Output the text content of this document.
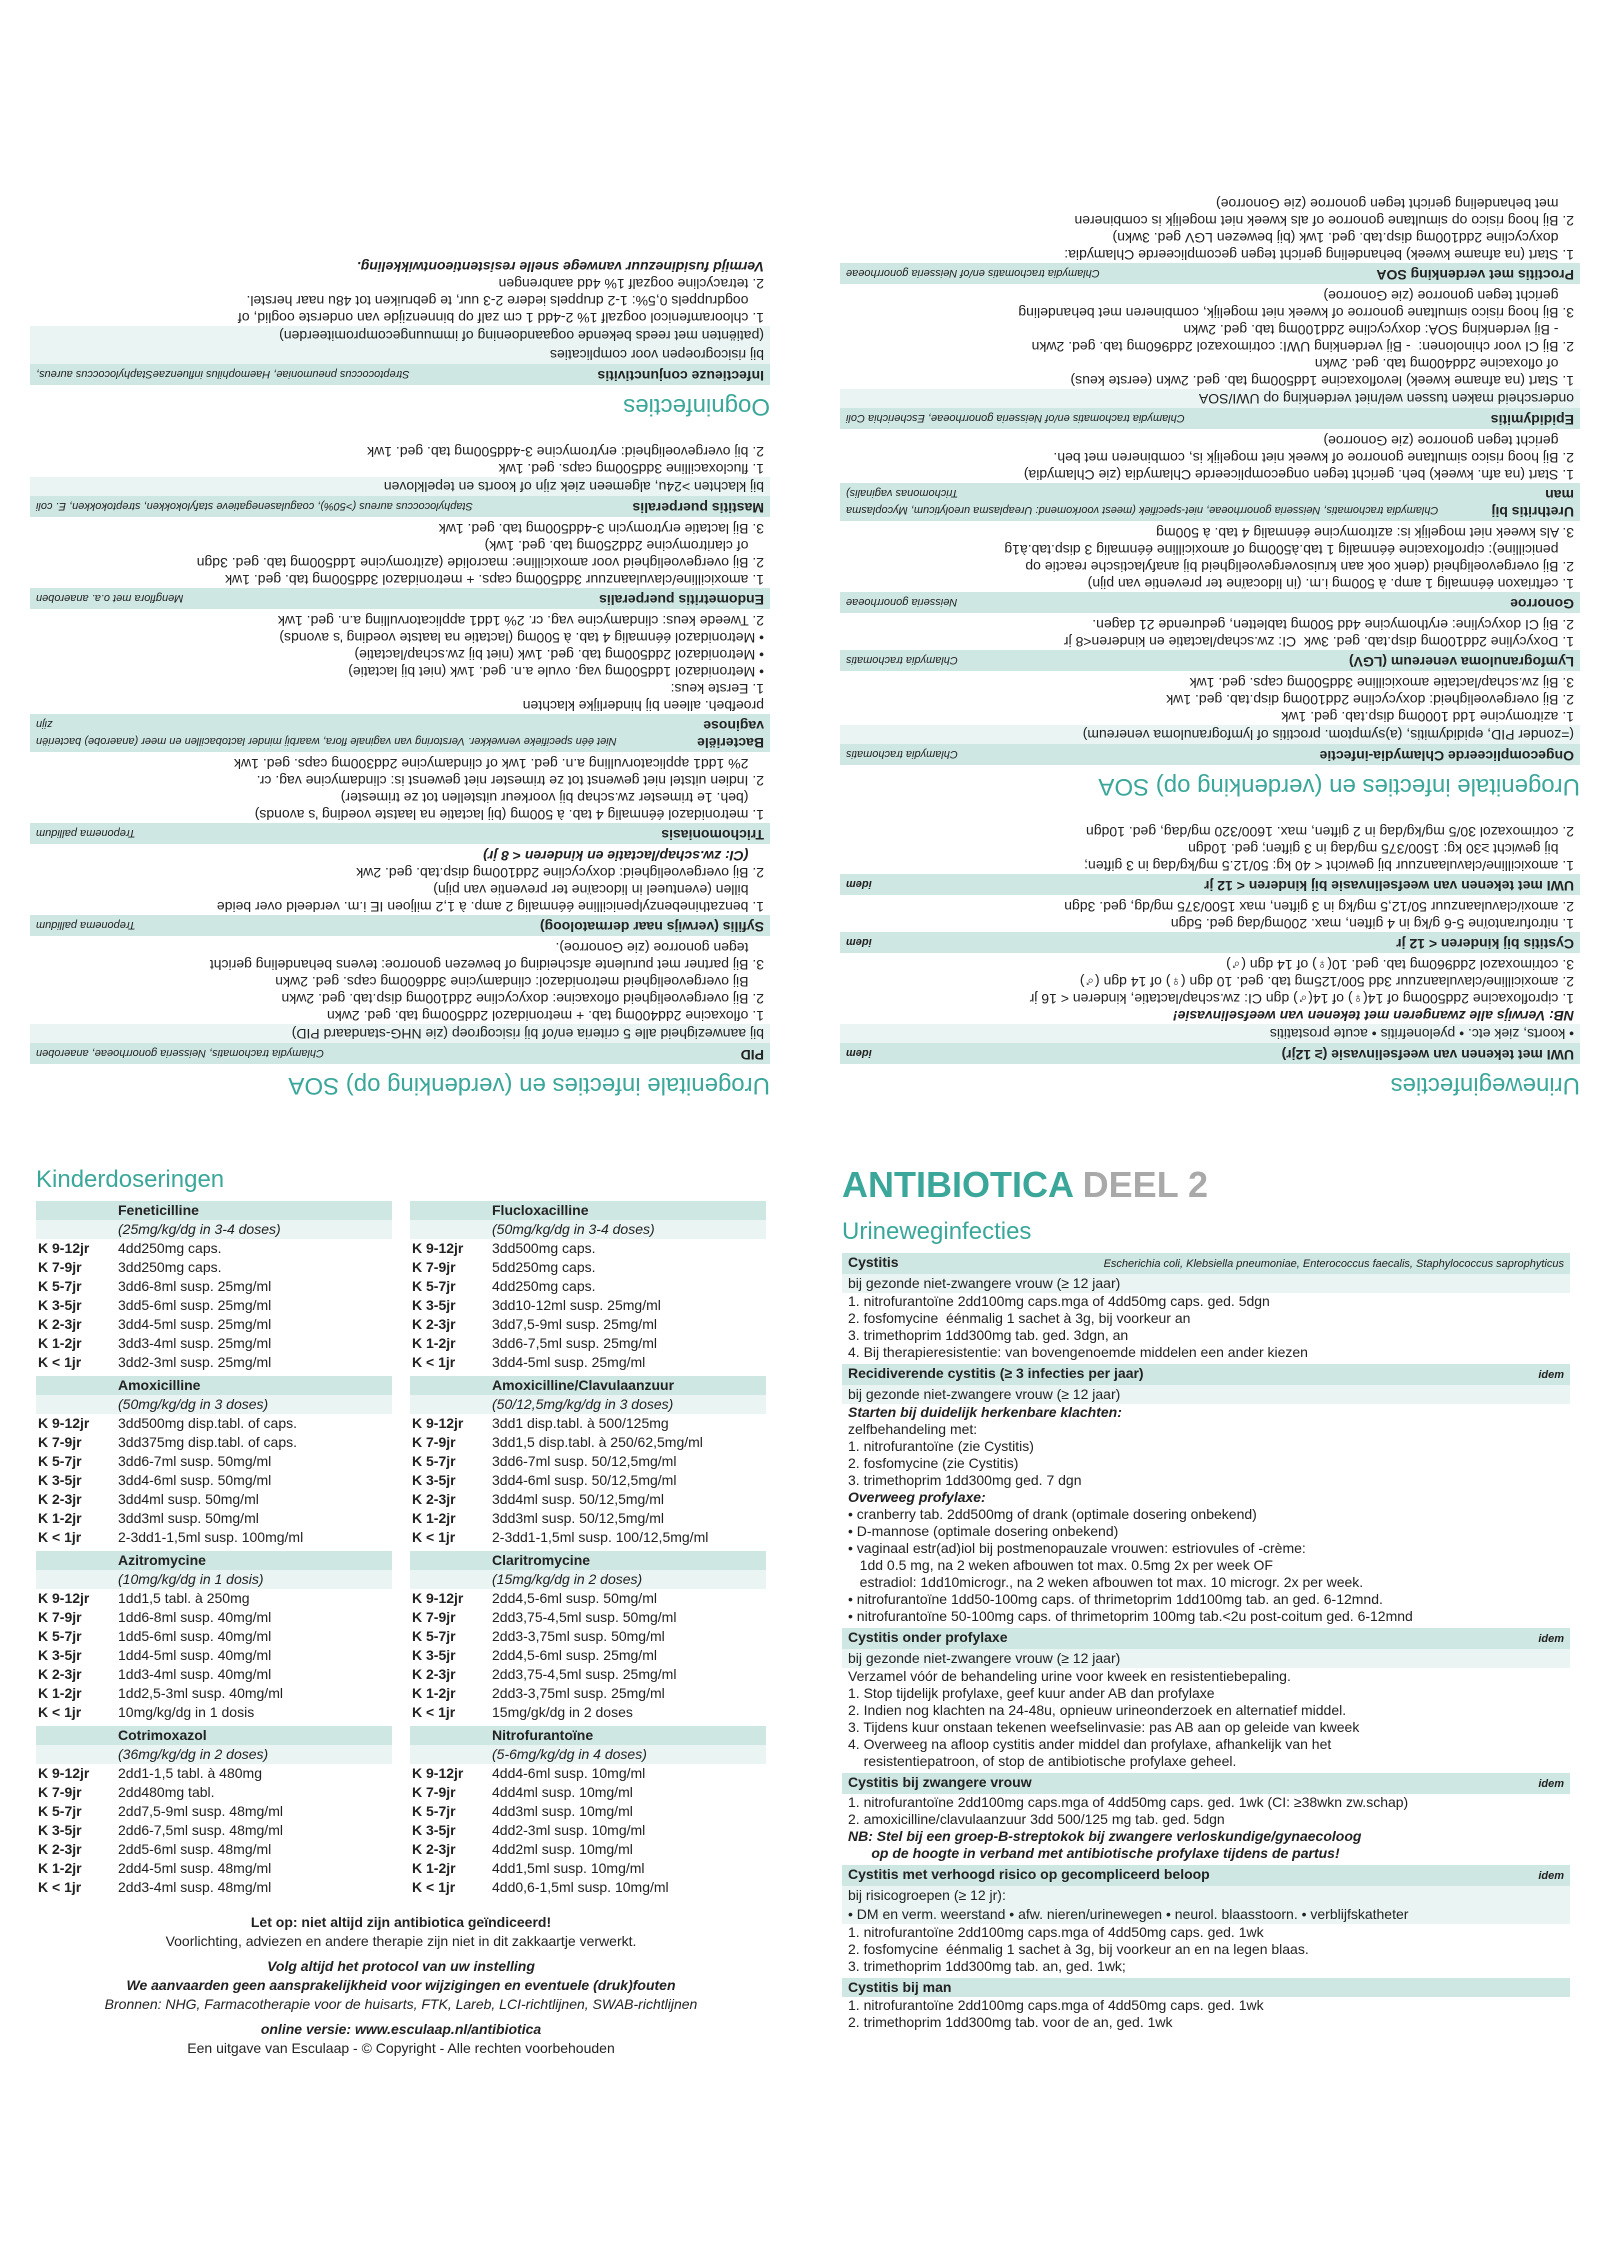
Urogenitale infecties en (verdenking op) SOA
PID
Chlamydia trachomatis, Neisseria gonorrhoeae, anaeroben
bij aanwezigheid alle 5 criteria en/of bij risicogroep (zie NHG-standaard PID)
1. ofloxacine 2dd400mg tab. + metronidazol 2dd500mg tab. ged. 2wkn
2. Bij overgevoeligheid ofloxacine: doxycycline 2dd100mg disp.tab. ged. 2wkn
Bij overgevoeligheid metronidazol: clindamycine 3dd600mg caps. ged. 2wkn
3. Bij partner met purulente afscheiding of bewezen gonorroe: tevens behandeling gericht
tegen gonorroe (zie Gonorroe).
Syfilis (verwijs naar dermatoloog)
Treponema pallidum
1. benzathinebenzylpenicilline éénmalig 2 amp. à 1,2 miljoen IE i.m. verdeeld over beide
billen (eventueel in lidocaïne ter preventie van pijn)
2. Bij overgevoeligheid: doxycycline 2dd100mg disp.tab. ged. 2wk
(CI: zw.schap/lactatie en kinderen < 8 jr)
Trichomoniasis
Treponema pallidum
1. metronidazol éénmalig 4 tab. à 500mg (bij lactatie na laatste voeding 's avonds)
(beh. 1e trimester zw.schap bij voorkeur uitstellen tot ze trimester)
2. Indien uitstel niet gewenst tot ze trimester niet gewenst is: clindamycine vag. cr.
2% 1dd1 applicatorvulling a.n. ged. 1wk of clindamycine 2dd300mg caps. ged. 1wk
Bacteriële vaginose
Niet één specifieke verwekker. Verstoring van vaginale flora, waarbij minder lactobacillen en meer (anaerobe) bacteriën zijn
proefbeh. alleen bij hinderlijke klachten
1. Eerste keus:
• Metronidazol 1dd500mg vag. ovule a.n. ged. 1wk (niet bij lactatie)
• Metronidazol 2dd500mg tab. ged. 1wk (niet bij zw.schap/lactatie)
• Metronidazol éénmalig 4 tab. à 500mg (lactatie na laatste voeding 's avonds)
2. Tweede keus: clindamycine vag. cr. 2% 1dd1 applicatorvulling a.n. ged. 1wk
Endometritis puerperalis
Mengflora met o.a. anaeroben
1. amoxicilline/clavulaanzuur 3dd500mg caps. + metronidazol 3dd500mg tab. ged. 1wk
2. Bij overgevoeligheid voor amoxicilline: macrolide (azitromycine 1dd500mg tab. ged. 3dgn
of claritromycine 2dd250mg tab. ged. 1wk)
3. Bij lactatie erytromycin 3-4dd500mg tab. ged. 1wk
Mastitis puerperalis
Staphylococcus aureus (>50%), coagulasenegatieve stafylokokken, streptokokken, E. coli
bij klachten >24u, algemeen ziek zijn of koorts en tepelkloven
1. flucloxacilline 3dd500mg caps. ged. 1wk
2. bij overgevoeligheid: erytromycine 3-4dd500mg tab. ged. 1wk
Oogninfecties
Infectieuze conjunctivitis
Streptococcus pneumoniae, Haemophilus influenzaeStaphylococcus aureus,
bij risicogroepen voor complicaties
(patiënten met reeds bekende oogaandoening of immuungecompromiteerden)
1. chlooramfenicol oogzalf 1% 2-4dd 1 cm zalf op binnenzijde van onderste ooglid, of
oogdruppels 0,5%: 1-2 druppels iedere 2-3 uur, te gebruiken tot 48u naar herstel.
2. tetracycline oogzalf 1% 4dd aanbrengen
Vermijd fusidinezuur vanwege snelle resistentieontwikkeling.
Urineweginfecties
UWI met tekenen van weefselinvasie (≥ 12jr)
idem
• koorts, ziek etc. • pyelonefritis • acute prostatitis
NB: Verwijs alle zwangeren met tekenen van weefselinvasie!
1. ciprofloxacine 2dd500mg of 14(♀) of 14(♂) dgn CI: zw.schap/lactatie, kinderen < 16 jr
2. amoxicilline/clavulaanzuur 3dd 500/125mg tab. ged. 10 dgn (♀) of 14 dgn (♂)
3. cotrimoxazol 2dd960mg tab. ged. 10(♀) of 14 dgn (♂)
Cystitis bij kinderen < 12 jr
idem
1. nitrofurantoïne 5-6 g/kg in 4 giften, max. 200mg/dag ged. 5dgn
2. amoxi/clavulaanzuur 50/12,5 mg/kg in 3 giften, max 1500/375 mg/dg, ged. 3dgn
UWI met tekenen van weefselinvasie bij kinderen < 12 jr
idem
1. amoxicilline/clavulaanzuur bij gewicht < 40 kg: 50/12.5 mg/kg/dag in 3 giften;
bij gewicht ≥30 kg: 1500/375 mg/dag in 3 giften; ged. 10dgn
2. cotrimoxazol 30/5 mg/kg/dag in 2 giften, max. 1600/320 mg/dag, ged. 10dgn
Urogenitale infecties en (verdenking op) SOA
Ongecompliceerde Chlamydia-infectie
Chlamydia trachomatis
(=zonder PID, epididymitis, (a)symptom. proctitis of lymfogranuloma venereum)
1. azitromycine 1dd 1000mg disp.tab. ged. 1wk
2. Bij overgevoeligheid: doxycycline 2dd100mg disp.tab. ged. 1wk
3. Bij zw.schap/lactatie amoxicilline 3dd500mg caps. ged. 1wk
Lymfogranuloma venereum (LGV)
Chlamydia trachomatis
1. Doxycyline 2dd100mg disp.tab. ged. 3wk  CI: zw.schap/lactatie en kinderen<8 jr
2. Bij CI doxycyline: erythomycine 4dd 500mg tabletten, gedurende 21 dagen.
Gonorroe
Neisseria gonorrhoeae
1. ceftriaxon éénmalig 1 amp. à 500mg i.m. (in lidocaïne ter preventie van pijn)
2. Bij overgevoeligheid (denk ook aan kruisovergevoeligheid bij anafylactische reactie op
penicilline): ciprofloxacine éénmalig 1 tab.à500mg of amoxicilline éénmalig 3 disp.tab.à1g
3. Als kweek niet mogelijk is: azitromycine éénmalig 4 tab. à 500mg
Urethritis bij man
Chlamydia trachomatis, Neisseria gonorrhoeae, niet-specifiek (meest voorkomend: Ureaplasma ureolyticum, Mycoplasma Trichomonas vaginalis)
1. Start (na afn. kweek) beh. gericht tegen ongecompliceerde Chlamydia (zie Chlamydia)
2. Bij hoog risico simultane gonorroe of kweek niet mogelijk is, combineren met beh.
gericht tegen gonorroe (zie Gonorroe)
Epididymitis
Chlamydia trachomatis en/of Neisseria gonorrhoeae, Escherichia Coli
onderscheid maken tussen wel/niet verdenking op UWI/SOA
1. Start (na afname kweek) levofloxacine 1dd500mg tab. ged. 2wkn (eerste keus)
of ofloxacine 2dd400mg tab. ged. 2wkn
2. Bij CI voor chinolonen:  - Bij verdenking UWI: cotrimoxazol 2dd960mg tab. ged. 2wkn
- Bij verdenking SOA: doxycycline 2dd100mg tab. ged. 2wkn
3. Bij hoog risico simultane gonorroe of kweek niet mogelijk, combineren met behandeling
gericht tegen gonorroe (zie Gonorroe)
Proctitis met verdenking SOA
Chlamydia trachomatis en/of Neisseria gonorrhoeae
1. Start (na afname kweek) behandeling gericht tegen gecompliceerde Chlamydia:
doxycycline 2dd100mg disp.tab. ged. 1wk (bij bewezen LGV ged. 3wkn)
2. Bij hoog risico op simultane gonorroe of als kweek niet mogelijk is combineren
met behandeling gericht tegen gonorroe (zie Gonorroe)
Kinderdoseringen
Feneticilline
(25mg/kg/dg in 3-4 doses)
K 9-12jr	4dd250mg caps.
K 7-9jr	3dd250mg caps.
K 5-7jr	3dd6-8ml susp. 25mg/ml
K 3-5jr	3dd5-6ml susp. 25mg/ml
K 2-3jr	3dd4-5ml susp. 25mg/ml
K 1-2jr	3dd3-4ml susp. 25mg/ml
K < 1jr	3dd2-3ml susp. 25mg/ml
Flucloxacilline
(50mg/kg/dg in 3-4 doses)
K 9-12jr	3dd500mg caps.
K 7-9jr	5dd250mg caps.
K 5-7jr	4dd250mg caps.
K 3-5jr	3dd10-12ml susp. 25mg/ml
K 2-3jr	3dd7,5-9ml susp. 25mg/ml
K 1-2jr	3dd6-7,5ml susp. 25mg/ml
K < 1jr	3dd4-5ml susp. 25mg/ml
Amoxicilline
(50mg/kg/dg in 3 doses)
K 9-12jr	3dd500mg disp.tabl. of caps.
K 7-9jr	3dd375mg disp.tabl. of caps.
K 5-7jr	3dd6-7ml susp. 50mg/ml
K 3-5jr	3dd4-6ml susp. 50mg/ml
K 2-3jr	3dd4ml susp. 50mg/ml
K 1-2jr	3dd3ml susp. 50mg/ml
K < 1jr	2-3dd1-1,5ml susp. 100mg/ml
Amoxicilline/Clavulaanzuur
(50/12,5mg/kg/dg in 3 doses)
K 9-12jr	3dd1 disp.tabl. à 500/125mg
K 7-9jr	3dd1,5 disp.tabl. à 250/62,5mg/ml
K 5-7jr	3dd6-7ml susp. 50/12,5mg/ml
K 3-5jr	3dd4-6ml susp. 50/12,5mg/ml
K 2-3jr	3dd4ml susp. 50/12,5mg/ml
K 1-2jr	3dd3ml susp. 50/12,5mg/ml
K < 1jr	2-3dd1-1,5ml susp. 100/12,5mg/ml
Azitromycine
(10mg/kg/dg in 1 dosis)
K 9-12jr	1dd1,5 tabl. à 250mg
K 7-9jr	1dd6-8ml susp. 40mg/ml
K 5-7jr	1dd5-6ml susp. 40mg/ml
K 3-5jr	1dd4-5ml susp. 40mg/ml
K 2-3jr	1dd3-4ml susp. 40mg/ml
K 1-2jr	1dd2,5-3ml susp. 40mg/ml
K < 1jr	10mg/kg/dg in 1 dosis
Claritromycine
(15mg/kg/dg in 2 doses)
K 9-12jr	2dd4,5-6ml susp. 50mg/ml
K 7-9jr	2dd3,75-4,5ml susp. 50mg/ml
K 5-7jr	2dd3-3,75ml susp. 50mg/ml
K 3-5jr	2dd4,5-6ml susp. 25mg/ml
K 2-3jr	2dd3,75-4,5ml susp. 25mg/ml
K 1-2jr	2dd3-3,75ml susp. 25mg/ml
K < 1jr	15mg/gk/dg in 2 doses
Cotrimoxazol
(36mg/kg/dg in 2 doses)
K 9-12jr	2dd1-1,5 tabl. à 480mg
K 7-9jr	2dd480mg tabl.
K 5-7jr	2dd7,5-9ml susp. 48mg/ml
K 3-5jr	2dd6-7,5ml susp. 48mg/ml
K 2-3jr	2dd5-6ml susp. 48mg/ml
K 1-2jr	2dd4-5ml susp. 48mg/ml
K < 1jr	2dd3-4ml susp. 48mg/ml
Nitrofurantoïne
(5-6mg/kg/dg in 4 doses)
K 9-12jr	4dd4-6ml susp. 10mg/ml
K 7-9jr	4dd4ml susp. 10mg/ml
K 5-7jr	4dd3ml susp. 10mg/ml
K 3-5jr	4dd2-3ml susp. 10mg/ml
K 2-3jr	4dd2ml susp. 10mg/ml
K 1-2jr	4dd1,5ml susp. 10mg/ml
K < 1jr	4dd0,6-1,5ml susp. 10mg/ml
Let op: niet altijd zijn antibiotica geïndiceerd!
Voorlichting, adviezen en andere therapie zijn niet in dit zakkaartje verwerkt.
Volg altijd het protocol van uw instelling
We aanvaarden geen aansprakelijkheid voor wijzigingen en eventuele (druk)fouten
Bronnen: NHG, Farmacotherapie voor de huisarts, FTK, Lareb, LCI-richtlijnen, SWAB-richtlijnen
online versie: www.esculaap.nl/antibiotica
Een uitgave van Esculaap - © Copyright - Alle rechten voorbehouden
ANTIBIOTICA DEEL 2
Urineweginfecties
Cystitis	Escherichia coli, Klebsiella pneumoniae, Enterococcus faecalis, Staphylococcus saprophyticus
bij gezonde niet-zwangere vrouw (≥ 12 jaar)
1. nitrofurantoïne 2dd100mg caps.mga of 4dd50mg caps. ged. 5dgn
2. fosfomycine  éénmalig 1 sachet à 3g, bij voorkeur an
3. trimethoprim 1dd300mg tab. ged. 3dgn, an
4. Bij therapieresistentie: van bovengenoemde middelen een ander kiezen
Recidiverende cystitis (≥ 3 infecties per jaar)	idem
bij gezonde niet-zwangere vrouw (≥ 12 jaar)
Starten bij duidelijk herkenbare klachten:
zelfbehandeling met:
1. nitrofurantoïne (zie Cystitis)
2. fosfomycine (zie Cystitis)
3. trimethoprim 1dd300mg ged. 7 dgn
Overweeg profylaxe:
• cranberry tab. 2dd500mg of drank (optimale dosering onbekend)
• D-mannose (optimale dosering onbekend)
• vaginaal estr(ad)iol bij postmenopauzale vrouwen: estriovules of -crème:
1dd 0.5 mg, na 2 weken afbouwen tot max. 0.5mg 2x per week OF
estradiol: 1dd10microgr., na 2 weken afbouwen tot max. 10 microgr. 2x per week.
• nitrofurantoïne 1dd50-100mg caps. of thrimetoprim 1dd100mg tab. an ged. 6-12mnd.
• nitrofurantoïne 50-100mg caps. of thrimetoprim 100mg tab.<2u post-coitum ged. 6-12mnd
Cystitis onder profylaxe	idem
bij gezonde niet-zwangere vrouw (≥ 12 jaar)
Verzamel vóór de behandeling urine voor kweek en resistentiebepaling.
1. Stop tijdelijk profylaxe, geef kuur ander AB dan profylaxe
2. Indien nog klachten na 24-48u, opnieuw urineonderzoek en alternatief middel.
3. Tijdens kuur onstaan tekenen weefselinvasie: pas AB aan op geleide van kweek
4. Overweeg na afloop cystitis ander middel dan profylaxe, afhankelijk van het
resistentiepatroon, of stop de antibiotische profylaxe geheel.
Cystitis bij zwangere vrouw	idem
1. nitrofurantoïne 2dd100mg caps.mga of 4dd50mg caps. ged. 1wk (CI: ≥38wkn zw.schap)
2. amoxicilline/clavulaanzuur 3dd 500/125 mg tab. ged. 5dgn
NB: Stel bij een groep-B-streptokok bij zwangere verloskundige/gynaecoloog
op de hoogte in verband met antibiotische profylaxe tijdens de partus!
Cystitis met verhoogd risico op gecompliceerd beloop	idem
bij risicogroepen (≥ 12 jr):
• DM en verm. weerstand • afw. nieren/urinewegen • neurol. blaasstoorn. • verblijfskatheter
1. nitrofurantoïne 2dd100mg caps.mga of 4dd50mg caps. ged. 1wk
2. fosfomycine  éénmalig 1 sachet à 3g, bij voorkeur an en na legen blaas.
3. trimethoprim 1dd300mg tab. an, ged. 1wk;
Cystitis bij man
1. nitrofurantoïne 2dd100mg caps.mga of 4dd50mg caps. ged. 1wk
2. trimethoprim 1dd300mg tab. voor de an, ged. 1wk
